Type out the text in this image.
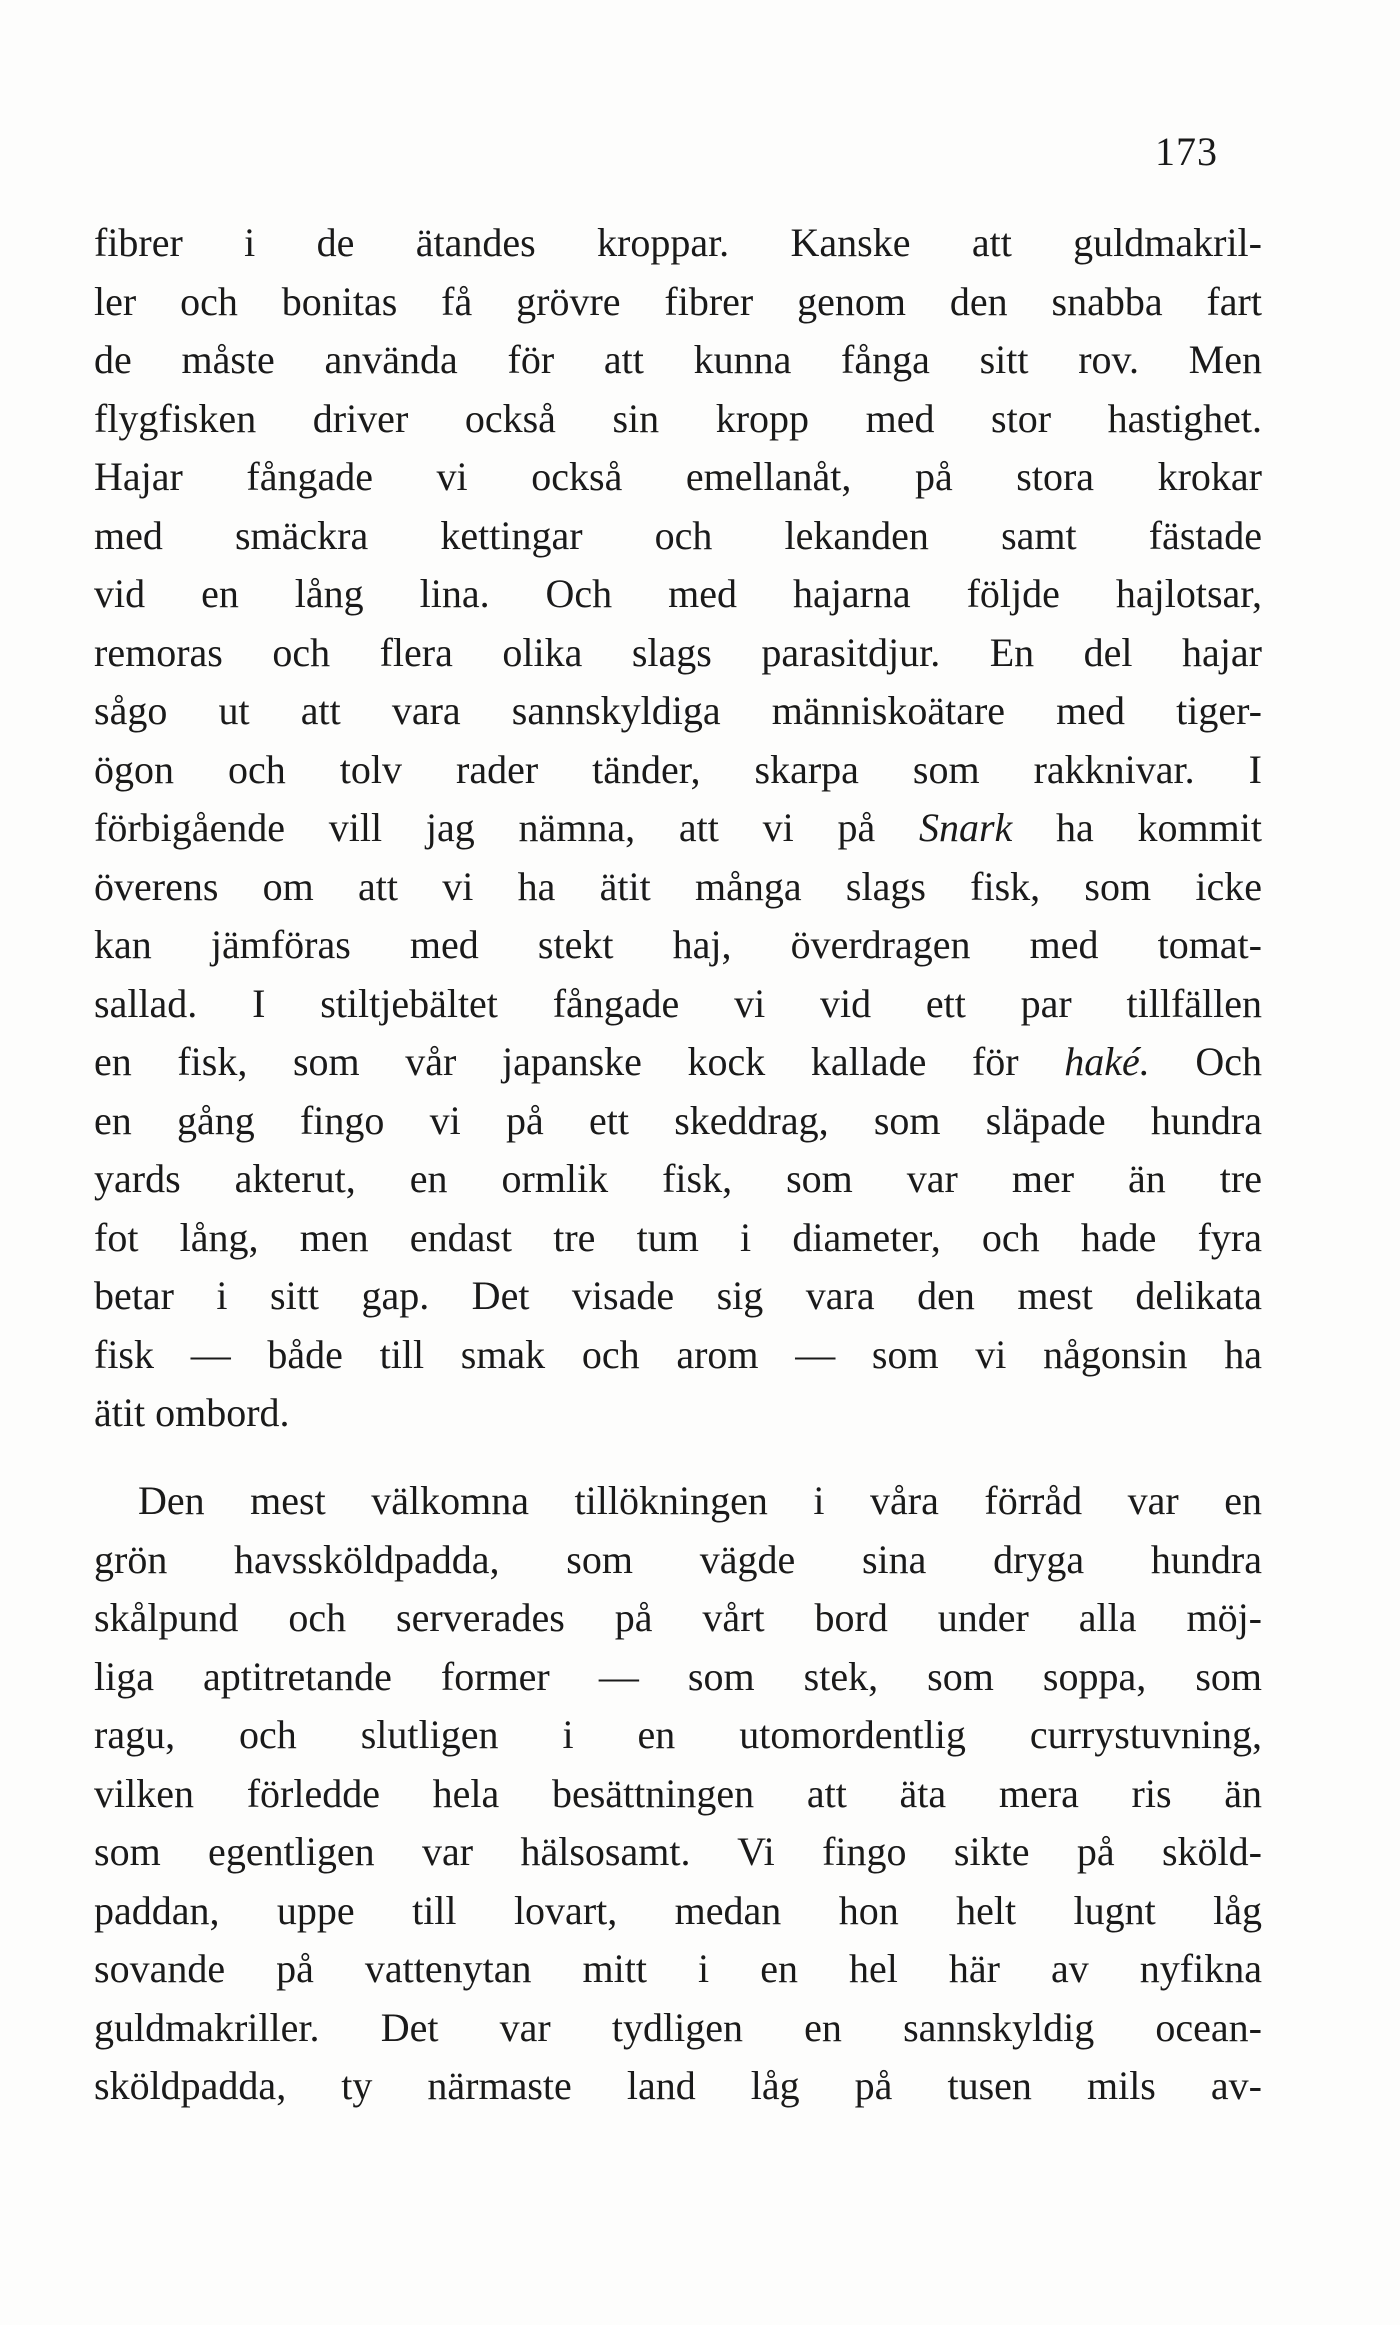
173
fibrer i de ätandes kroppar. Kanske att guldmakril-
ler och bonitas få grövre fibrer genom den snabba fart
de måste använda för att kunna fånga sitt rov. Men
flygfisken driver också sin kropp med stor hastighet.
Hajar fångade vi också emellanåt, på stora krokar
med smäckra kettingar och lekanden samt fästade
vid en lång lina. Och med hajarna följde hajlotsar,
remoras och flera olika slags parasitdjur. En del hajar
sågo ut att vara sannskyldiga människoätare med tiger-
ögon och tolv rader tänder, skarpa som rakknivar. I
förbigående vill jag nämna, att vi på Snark ha kommit
överens om att vi ha ätit många slags fisk, som icke
kan jämföras med stekt haj, överdragen med tomat-
sallad. I stiltjebältet fångade vi vid ett par tillfällen
en fisk, som vår japanske kock kallade för haké. Och
en gång fingo vi på ett skeddrag, som släpade hundra
yards akterut, en ormlik fisk, som var mer än tre
fot lång, men endast tre tum i diameter, och hade fyra
betar i sitt gap. Det visade sig vara den mest delikata
fisk — både till smak och arom — som vi någonsin ha
ätit ombord.
Den mest välkomna tillökningen i våra förråd var en
grön havssköldpadda, som vägde sina dryga hundra
skålpund och serverades på vårt bord under alla möj-
liga aptitretande former — som stek, som soppa, som
ragu, och slutligen i en utomordentlig currystuvning,
vilken förledde hela besättningen att äta mera ris än
som egentligen var hälsosamt. Vi fingo sikte på sköld-
paddan, uppe till lovart, medan hon helt lugnt låg
sovande på vattenytan mitt i en hel här av nyfikna
guldmakriller. Det var tydligen en sannskyldig ocean-
sköldpadda, ty närmaste land låg på tusen mils av-
